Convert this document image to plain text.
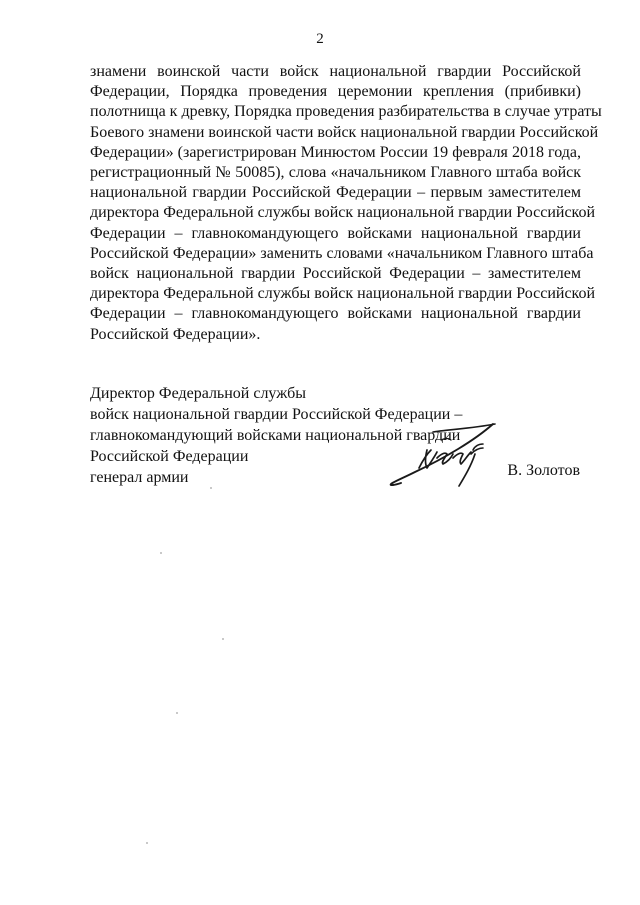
2
знамени воинской части войск национальной гвардии Российской
Федерации, Порядка проведения церемонии крепления (прибивки)
полотнища к древку, Порядка проведения разбирательства в случае утраты
Боевого знамени воинской части войск национальной гвардии Российской
Федерации» (зарегистрирован Минюстом России 19 февраля 2018 года,
регистрационный № 50085), слова «начальником Главного штаба войск
национальной гвардии Российской Федерации – первым заместителем
директора Федеральной службы войск национальной гвардии Российской
Федерации – главнокомандующего войсками национальной гвардии
Российской Федерации» заменить словами «начальником Главного штаба
войск национальной гвардии Российской Федерации – заместителем
директора Федеральной службы войск национальной гвардии Российской
Федерации – главнокомандующего войсками национальной гвардии
Российской Федерации».
Директор Федеральной службы
войск национальной гвардии Российской Федерации –
главнокомандующий войсками национальной гвардии
Российской Федерации
генерал армии	В. Золотов
